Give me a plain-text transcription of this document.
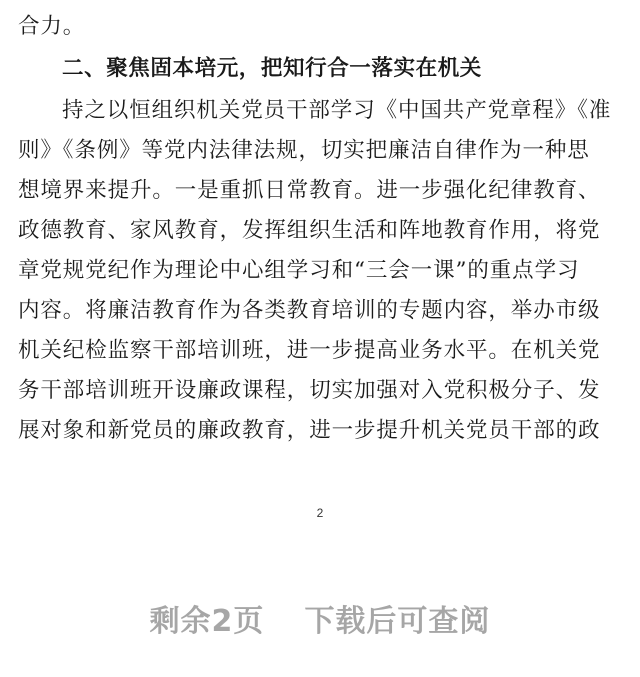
合力。
二、聚焦固本培元，把知行合一落实在机关
持之以恒组织机关党员干部学习《中国共产党章程》《准
则》《条例》等党内法律法规，切实把廉洁自律作为一种思
想境界来提升。一是重抓日常教育。进一步强化纪律教育、
政德教育、家风教育，发挥组织生活和阵地教育作用，将党
章党规党纪作为理论中心组学习和“三会一课”的重点学习
内容。将廉洁教育作为各类教育培训的专题内容，举办市级
机关纪检监察干部培训班，进一步提高业务水平。在机关党
务干部培训班开设廉政课程，切实加强对入党积极分子、发
展对象和新党员的廉政教育，进一步提升机关党员干部的政
2
剩余2页 下载后可查阅
